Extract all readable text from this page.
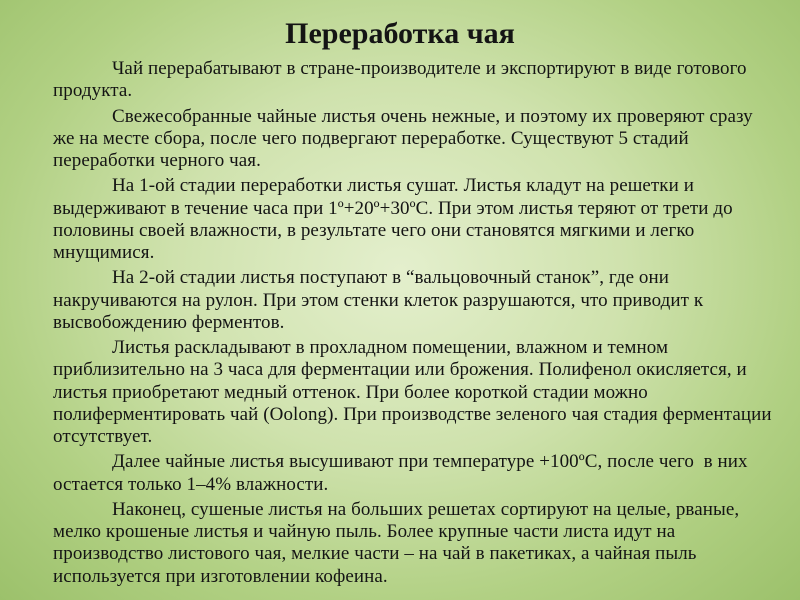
Переработка чая

Чай перерабатывают в стране-производителе и экспортируют в виде готового продукта.

Свежесобранные чайные листья очень нежные, и поэтому их проверяют сразу же на месте сбора, после чего подвергают переработке. Существуют 5 стадий переработки черного чая.

На 1-ой стадии переработки листья сушат. Листья кладут на решетки и выдерживают в течение часа при 1º+20º+30ºC. При этом листья теряют от трети до половины своей влажности, в результате чего они становятся мягкими и легко мнущимися.

На 2-ой стадии листья поступают в “вальцовочный станок”, где они накручиваются на рулон. При этом стенки клеток разрушаются, что приводит к высвобождению ферментов.

Листья раскладывают в прохладном помещении, влажном и темном приблизительно на 3 часа для ферментации или брожения. Полифенол окисляется, и листья приобретают медный оттенок. При более короткой стадии можно полиферментировать чай (Oolong). При производстве зеленого чая стадия ферментации отсутствует.

Далее чайные листья высушивают при температуре +100ºC, после чего  в них остается только 1–4% влажности.

Наконец, сушеные листья на больших решетах сортируют на целые, рваные, мелко крошеные листья и чайную пыль. Более крупные части листа идут на производство листового чая, мелкие части – на чай в пакетиках, а чайная пыль используется при изготовлении кофеина.
